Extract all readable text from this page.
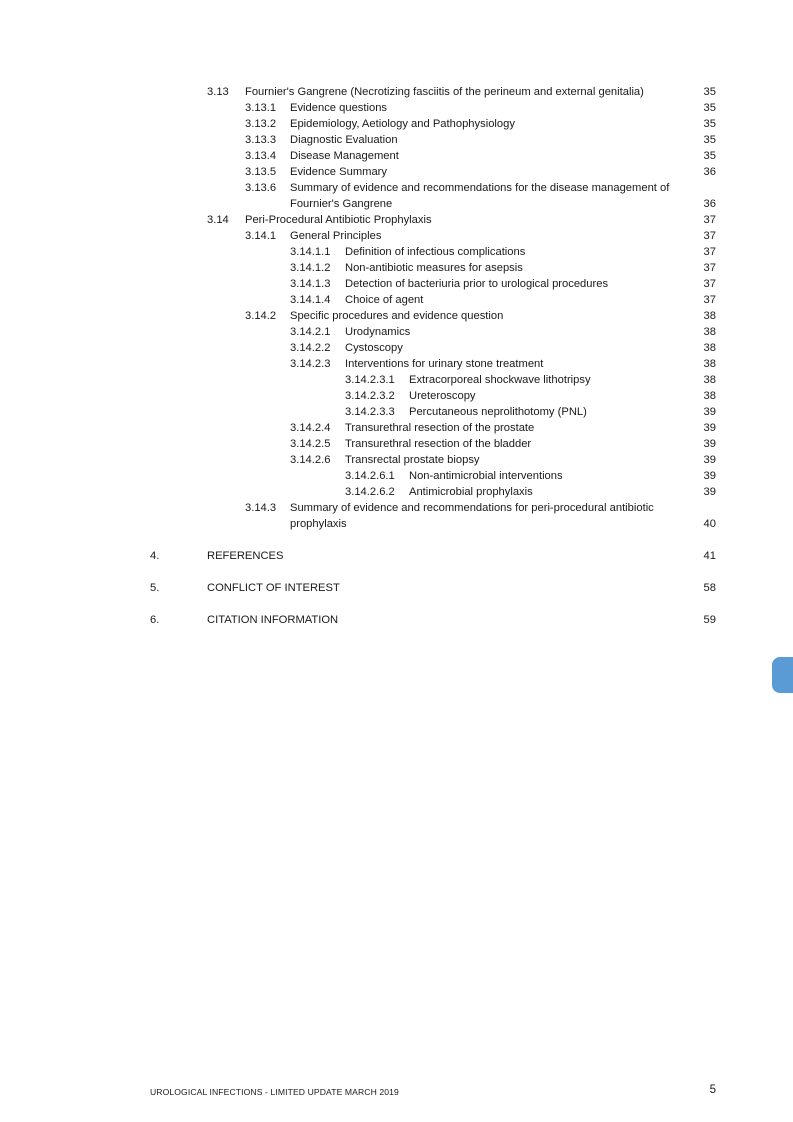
3.13 Fournier's Gangrene (Necrotizing fasciitis of the perineum and external genitalia)	35
3.13.1 Evidence questions	35
3.13.2 Epidemiology, Aetiology and Pathophysiology	35
3.13.3 Diagnostic Evaluation	35
3.13.4 Disease Management	35
3.13.5 Evidence Summary	36
3.13.6 Summary of evidence and recommendations for the disease management of
Fournier's Gangrene	36
3.14 Peri-Procedural Antibiotic Prophylaxis	37
3.14.1 General Principles	37
3.14.1.1 Definition of infectious complications	37
3.14.1.2 Non-antibiotic measures for asepsis	37
3.14.1.3 Detection of bacteriuria prior to urological procedures	37
3.14.1.4 Choice of agent	37
3.14.2 Specific procedures and evidence question	38
3.14.2.1 Urodynamics	38
3.14.2.2 Cystoscopy	38
3.14.2.3 Interventions for urinary stone treatment	38
3.14.2.3.1 Extracorporeal shockwave lithotripsy	38
3.14.2.3.2 Ureteroscopy	38
3.14.2.3.3 Percutaneous neprolithotomy (PNL)	39
3.14.2.4 Transurethral resection of the prostate	39
3.14.2.5 Transurethral resection of the bladder	39
3.14.2.6 Transrectal prostate biopsy	39
3.14.2.6.1 Non-antimicrobial interventions	39
3.14.2.6.2 Antimicrobial prophylaxis	39
3.14.3 Summary of evidence and recommendations for peri-procedural antibiotic
prophylaxis	40
4.	REFERENCES	41
5.	CONFLICT OF INTEREST	58
6.	CITATION INFORMATION	59
UROLOGICAL INFECTIONS - LIMITED UPDATE MARCH 2019	5
